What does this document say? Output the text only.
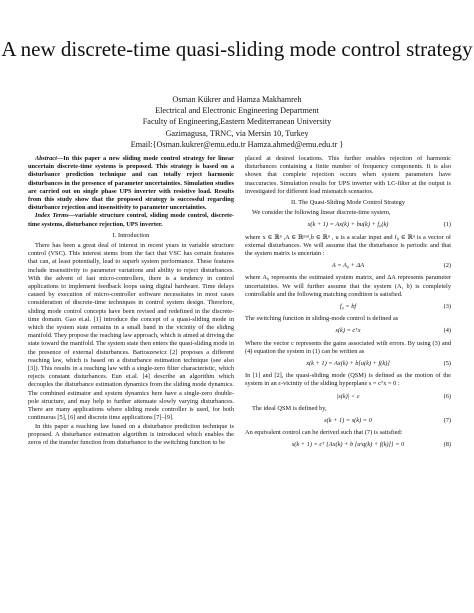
A new discrete-time quasi-sliding mode control strategy
Osman Kükrer and Hamza Makhamreh
Electrical and Electronic Engineering Department
Faculty of Engineering,Eastern Mediterranean University
Gazimagusa, TRNC, via Mersin 10, Turkey
Email:{Osman.kukrer@emu.edu.tr Hamza.ahmed@emu.edu.tr }

Abstract—In this paper a new sliding mode control strategy for linear uncertain discrete-time systems is proposed. This strategy is based on a disturbance prediction technique and can totally reject harmonic disturbances in the presence of parameter uncertainties. Simulation studies are carried out on single phase UPS inverter with resistive load. Results from this study show that the proposed strategy is successful regarding disturbance rejection and insensitivity to parameter uncertainties.

Index Terms—variable structure control, sliding mode control, discrete-time systems, disturbance rejection, UPS inverter.

I. Introduction

There has been a great deal of interest in recent years in variable structure control (VSC). This interest stems from the fact that VSC has certain features that can, at least potentially, lead to superb system performance. These features include insensitivity to parameter variations and ability to reject disturbances. With the advent of fast micro-controllers, there is a tendency in control applications to implement feedback loops using digital hardware. Time delays caused by execution of micro-controller software necessitates in most cases consideration of discrete-time techniques in control system design. Therefore, sliding mode control concepts have been revised and redefined in the discrete-time domain. Gao et.al. [1] introduce the concept of a quasi-sliding mode in which the system state remains in a small band in the vicinity of the sliding manifold. They propose the reaching law approach, which is aimed at driving the state toward the manifold. The system state then enters the quasi-sliding mode in the presence of external disturbances. Bartoszewicz [2] proposes a different reaching law, which is based on a disturbance estimation technique (see also [3]). This results in a reaching law with a single-zero filter characteristic, which rejects constant disturbances. Eun et.al. [4] describe an algorithm which decouples the disturbance estimation dynamics from the sliding mode dynamics. The combined estimator and system dynamics here have a single-zero double-pole structure, and may help to further attenuate slowly varying disturbances. There are many applications where sliding mode controller is used, for both continuous [5], [6] and discrete time applications [7]–[9].

In this paper a reaching law based on a disturbance prediction technique is proposed. A disturbance estimation algorithm is introduced which enables the zeros of the transfer function from disturbance to the switching function to be

placed at desired locations. This further enables rejection of harmonic disturbances containing a finite number of frequency components. It is also shown that complete rejection occurs when system parameters have inaccuracies. Simulation results for UPS inverter with LC-filter at the output is investigated for different load mismatch scenarios.

II. The Quasi-Sliding Mode Control Strategy

We consider the following linear discrete-time system,

x(k + 1) = Ax(k) + bu(k) + f₀(k)	(1)

where x ∈ ℝⁿ ,A ∈ ℝⁿˣⁿ,b ∈ ℝⁿ , u is a scalar input and f₀ ∈ ℝⁿ is a vector of external disturbances. We will assume that the disturbance is periodic and that the system matrix is uncertain :

A = A₀ + ΔA	(2)

where A₀ represents the estimated system matrix, and ΔA represents parameter uncertainties. We will further assume that the system (A, b) is completely controllable and the following matching condition is satisfied.

f₀ = bf	(3)

The switching function in sliding-mode control is defined as

s(k) = cᵀx	(4)

Where the vector c represents the gains associated with errors. By using (3) and (4) equation the system in (1) can be written as

x(k + 1) = Ax(k) + b[u(k) + f(k)]	(5)

In [1] and [2], the quasi-sliding mode (QSM) is defined as the motion of the system in an ε-vicinity of the sliding hyperplane s = cᵀx = 0 :

|s(k)| < ε	(6)

The ideal QSM is defined by,

s(k + 1) = s(k) = 0	(7)

An equivalent control can be derived such that (7) is satisfied:

s(k + 1) = cᵀ {Ax(k) + b [uᵉq(k) + f(k)]} = 0	(8)
